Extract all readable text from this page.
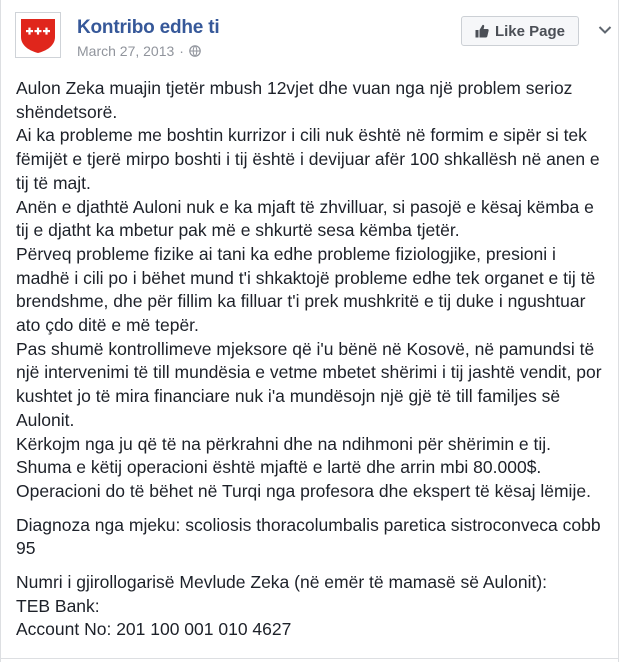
Kontribo edhe ti
March 27, 2013 ·
Like Page

Aulon Zeka muajin tjetër mbush 12vjet dhe vuan nga një problem serioz shëndetsorë.

Ai ka probleme me boshtin kurrizor i cili nuk është në formim e sipër si tek fëmijët e tjerë mirpo boshti i tij është i devijuar afër 100 shkallësh në anen e tij të majt.

Anën e djathtë Auloni nuk e ka mjaft të zhvilluar, si pasojë e kësaj këmba e tij e djatht ka mbetur pak më e shkurtë sesa këmba tjetër.

Përveq probleme fizike ai tani ka edhe probleme fiziologjike, presioni i madhë i cili po i bëhet mund t'i shkaktojë probleme edhe tek organet e tij të brendshme, dhe për fillim ka filluar t'i prek mushkritë e tij duke i ngushtuar ato çdo ditë e më tepër.

Pas shumë kontrollimeve mjeksore që i'u bënë në Kosovë, në pamundsi të një intervenimi të till mundësia e vetme mbetet shërimi i tij jashtë vendit, por kushtet jo të mira financiare nuk i'a mundësojn një gjë të till familjes së Aulonit.

Kërkojm nga ju që të na përkrahni dhe na ndihmoni për shërimin e tij.

Shuma e këtij operacioni është mjaftë e lartë dhe arrin mbi 80.000$.

Operacioni do të bëhet në Turqi nga profesora dhe ekspert të kësaj lëmije.

Diagnoza nga mjeku: scoliosis thoracolumbalis paretica sistroconveca cobb 95

Numri i gjirollogarisë Mevlude Zeka (në emër të mamasë së Aulonit):

TEB Bank:

Account No: 201 100 001 010 4627
